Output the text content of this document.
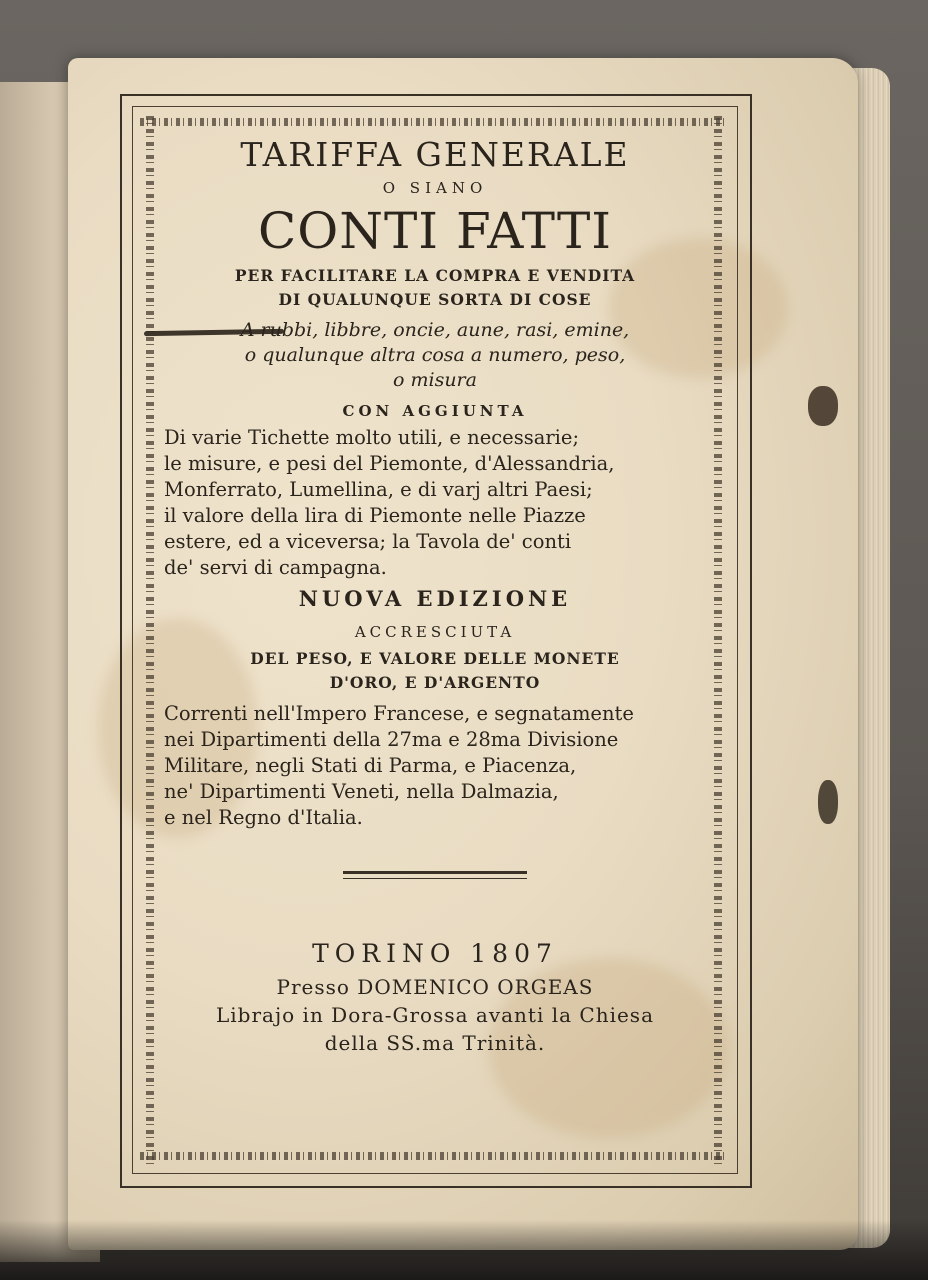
TARIFFA GENERALE
O SIANO
CONTI FATTI
PER FACILITARE LA COMPRA E VENDITA
DI QUALUNQUE SORTA DI COSE
A rubbi, libbre, oncie, aune, rasi, emine,
o qualunque altra cosa a numero, peso,
o misura
CON AGGIUNTA
Di varie Tichette molto utili, e necessarie;
le misure, e pesi del Piemonte, d'Alessandria,
Monferrato, Lumellina, e di varj altri Paesi;
il valore della lira di Piemonte nelle Piazze
estere, ed a viceversa; la Tavola de' conti
de' servi di campagna.
NUOVA EDIZIONE
ACCRESCIUTA
DEL PESO, E VALORE DELLE MONETE
D'ORO, E D'ARGENTO
Correnti nell'Impero Francese, e segnatamente
nei Dipartimenti della 27ma e 28ma Divisione
Militare, negli Stati di Parma, e Piacenza,
ne' Dipartimenti Veneti, nella Dalmazia,
e nel Regno d'Italia.
TORINO 1807
Presso DOMENICO ORGEAS
Librajo in Dora-Grossa avanti la Chiesa
della SS.ma Trinità.
